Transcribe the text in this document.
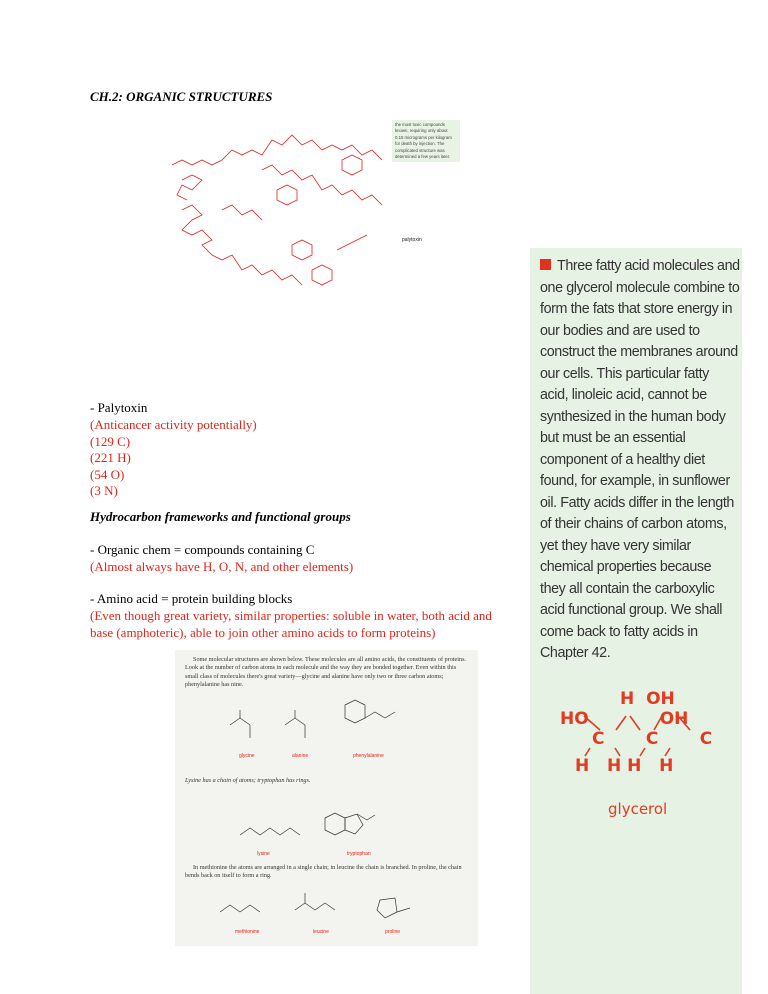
CH.2: ORGANIC STRUCTURES
the most toxic compounds known, requiring only about 0.15 micrograms per kilogram for death by injection. The complicated structure was determined a few years later.
palytoxin
- Palytoxin
(Anticancer activity potentially)
(129 C)
(221 H)
(54 O)
(3 N)
Hydrocarbon frameworks and functional groups
- Organic chem = compounds containing C
(Almost always have H, O, N, and other elements)
- Amino acid = protein building blocks
(Even though great variety, similar properties: soluble in water, both acid and base (amphoteric), able to join other amino acids to form proteins)
Some molecular structures are shown below. These molecules are all amino acids, the constituents of proteins. Look at the number of carbon atoms in each molecule and the way they are bonded together. Even within this small class of molecules there's great variety—glycine and alanine have only two or three carbon atoms; phenylalanine has nine.
Lysine has a chain of atoms; tryptophan has rings.
In methionine the atoms are arranged in a single chain; in leucine the chain is branched. In proline, the chain bends back on itself to form a ring.
glycine	alanine	phenylalanine
lysine	tryptophan
methionine	leucine	proline
Three fatty acid molecules and one glycerol molecule combine to form the fats that store energy in our bodies and are used to construct the membranes around our cells. This particular fatty acid, linoleic acid, cannot be synthesized in the human body but must be an essential component of a healthy diet found, for example, in sunflower oil. Fatty acids differ in the length of their chains of carbon atoms, yet they have very similar chemical properties because they all contain the carboxylic acid functional group. We shall come back to fatty acids in Chapter 42.
H  OH
HO            OH
C       C       C
H   H H   H
glycerol
